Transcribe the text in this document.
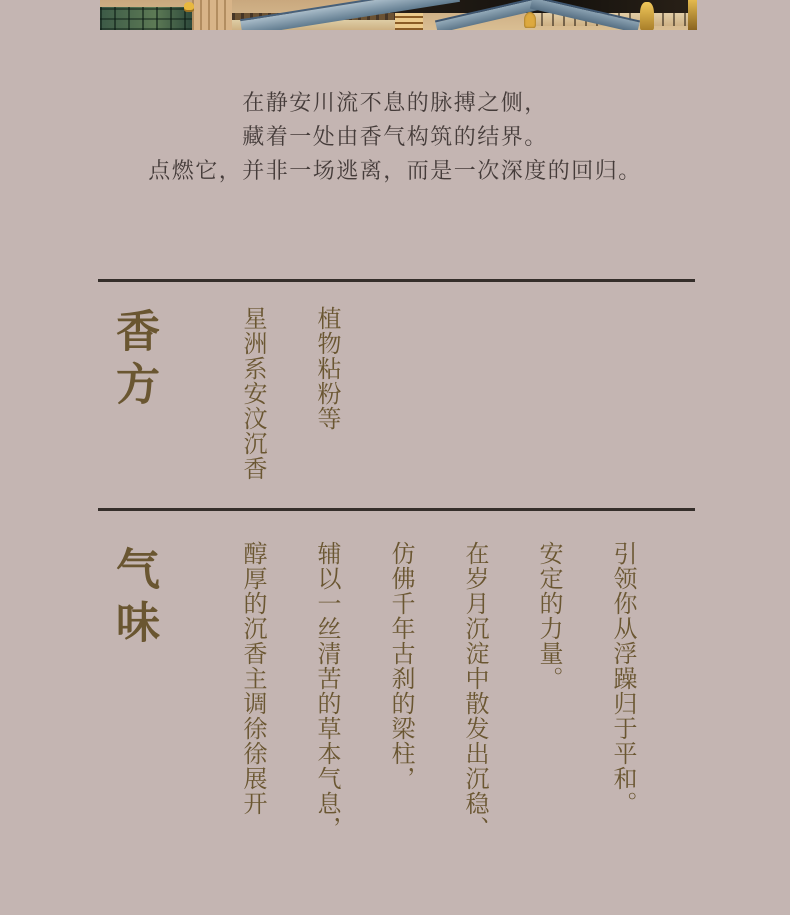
在静安川流不息的脉搏之侧，
藏着一处由香气构筑的结界。
点燃它，并非一场逃离，而是一次深度的回归。
香方	星洲系安汶沉香 植物粘粉等
气味	醇厚的沉香主调徐徐展开 辅以一丝清苦的草本气息， 仿佛千年古刹的梁柱， 在岁月沉淀中散发出沉稳、 安定的力量。 引领你从浮躁归于平和。
